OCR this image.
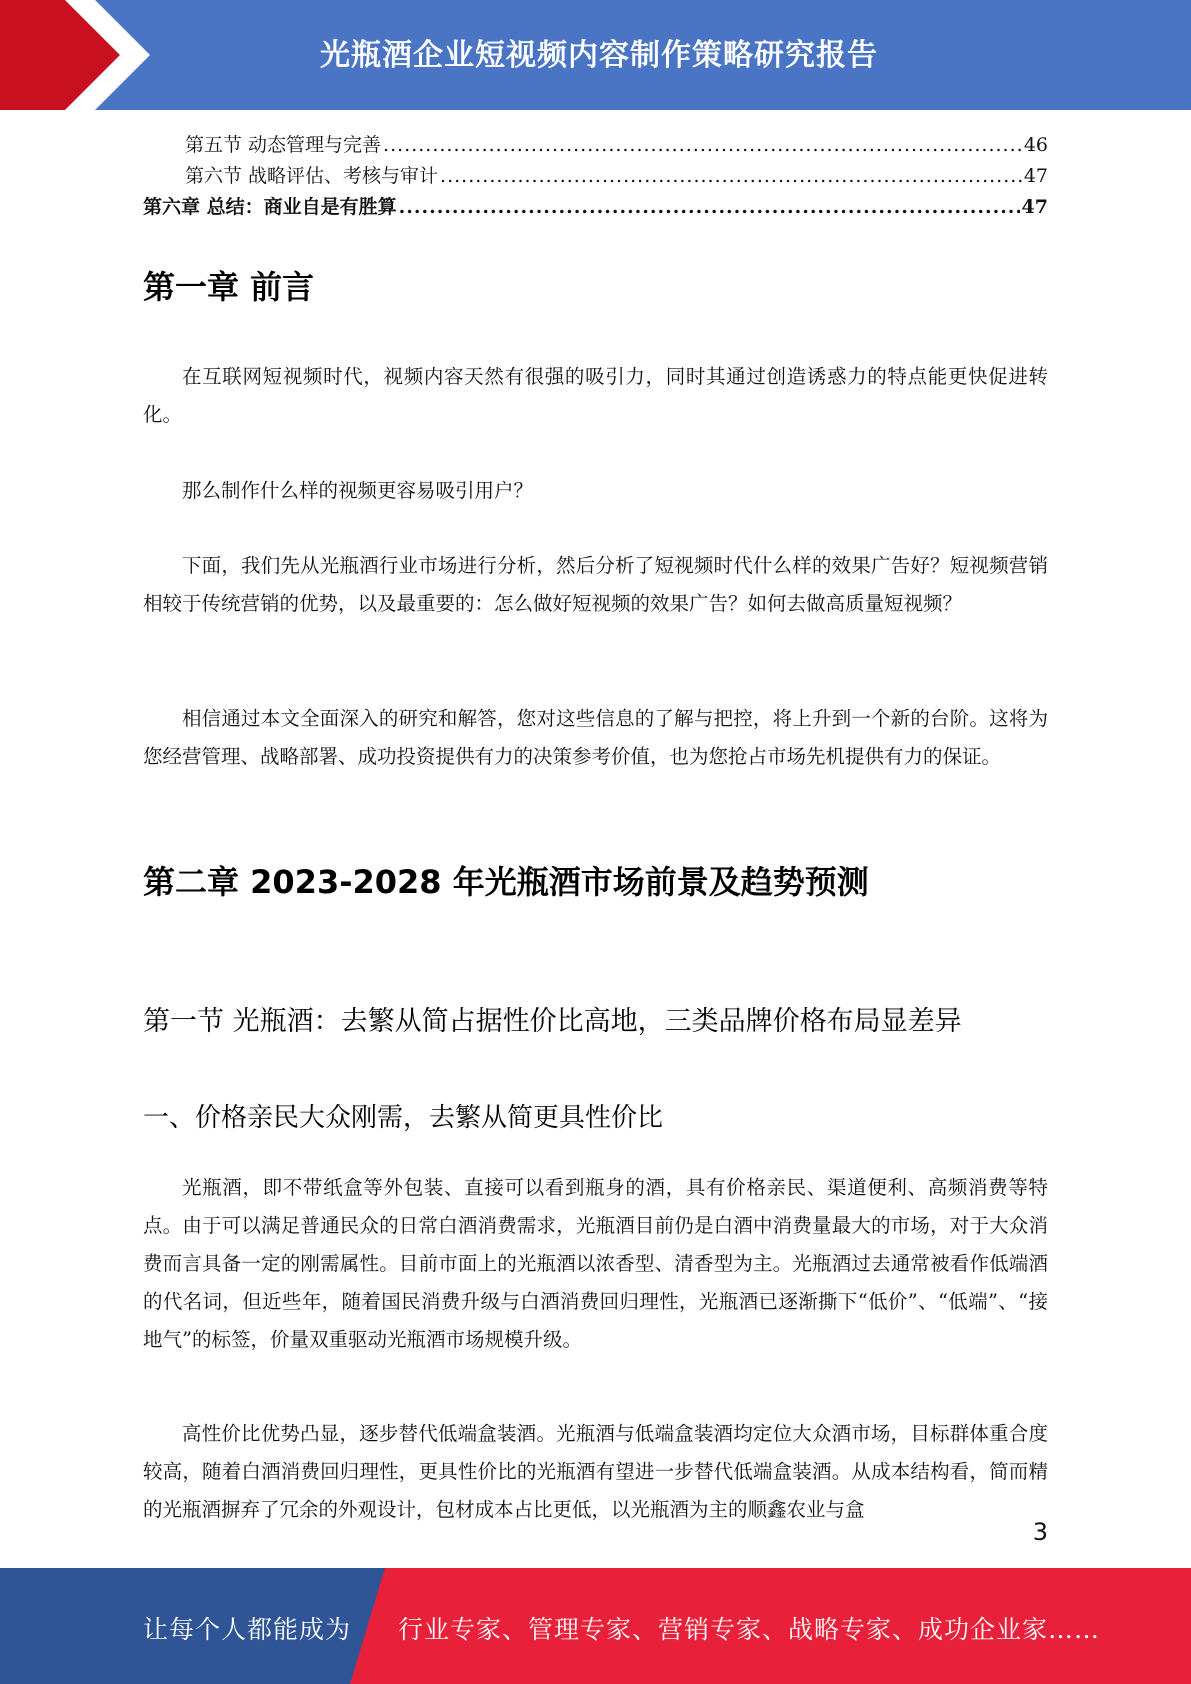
光瓶酒企业短视频内容制作策略研究报告
第五节 动态管理与完善 .....	46
第六节 战略评估、考核与审计 .....	47
第六章 总结：商业自是有胜算 .....	47
第一章 前言

在互联网短视频时代，视频内容天然有很强的吸引力，同时其通过创造诱惑力的特点能更快促进转化。

那么制作什么样的视频更容易吸引用户？

下面，我们先从光瓶酒行业市场进行分析，然后分析了短视频时代什么样的效果广告好？短视频营销相较于传统营销的优势，以及最重要的：怎么做好短视频的效果广告？如何去做高质量短视频？

相信通过本文全面深入的研究和解答，您对这些信息的了解与把控，将上升到一个新的台阶。这将为您经营管理、战略部署、成功投资提供有力的决策参考价值，也为您抢占市场先机提供有力的保证。

第二章 2023-2028 年光瓶酒市场前景及趋势预测
第一节 光瓶酒：去繁从简占据性价比高地，三类品牌价格布局显差异
一、价格亲民大众刚需，去繁从简更具性价比

光瓶酒，即不带纸盒等外包装、直接可以看到瓶身的酒，具有价格亲民、渠道便利、高频消费等特点。由于可以满足普通民众的日常白酒消费需求，光瓶酒目前仍是白酒中消费量最大的市场，对于大众消费而言具备一定的刚需属性。目前市面上的光瓶酒以浓香型、清香型为主。光瓶酒过去通常被看作低端酒的代名词，但近些年，随着国民消费升级与白酒消费回归理性，光瓶酒已逐渐撕下“低价”、“低端”、“接地气”的标签，价量双重驱动光瓶酒市场规模升级。

高性价比优势凸显，逐步替代低端盒装酒。光瓶酒与低端盒装酒均定位大众酒市场，目标群体重合度较高，随着白酒消费回归理性，更具性价比的光瓶酒有望进一步替代低端盒装酒。从成本结构看，简而精的光瓶酒摒弃了冗余的外观设计，包材成本占比更低，以光瓶酒为主的顺鑫农业与盒

3
让每个人都能成为 行业专家、管理专家、营销专家、战略专家、成功企业家……
